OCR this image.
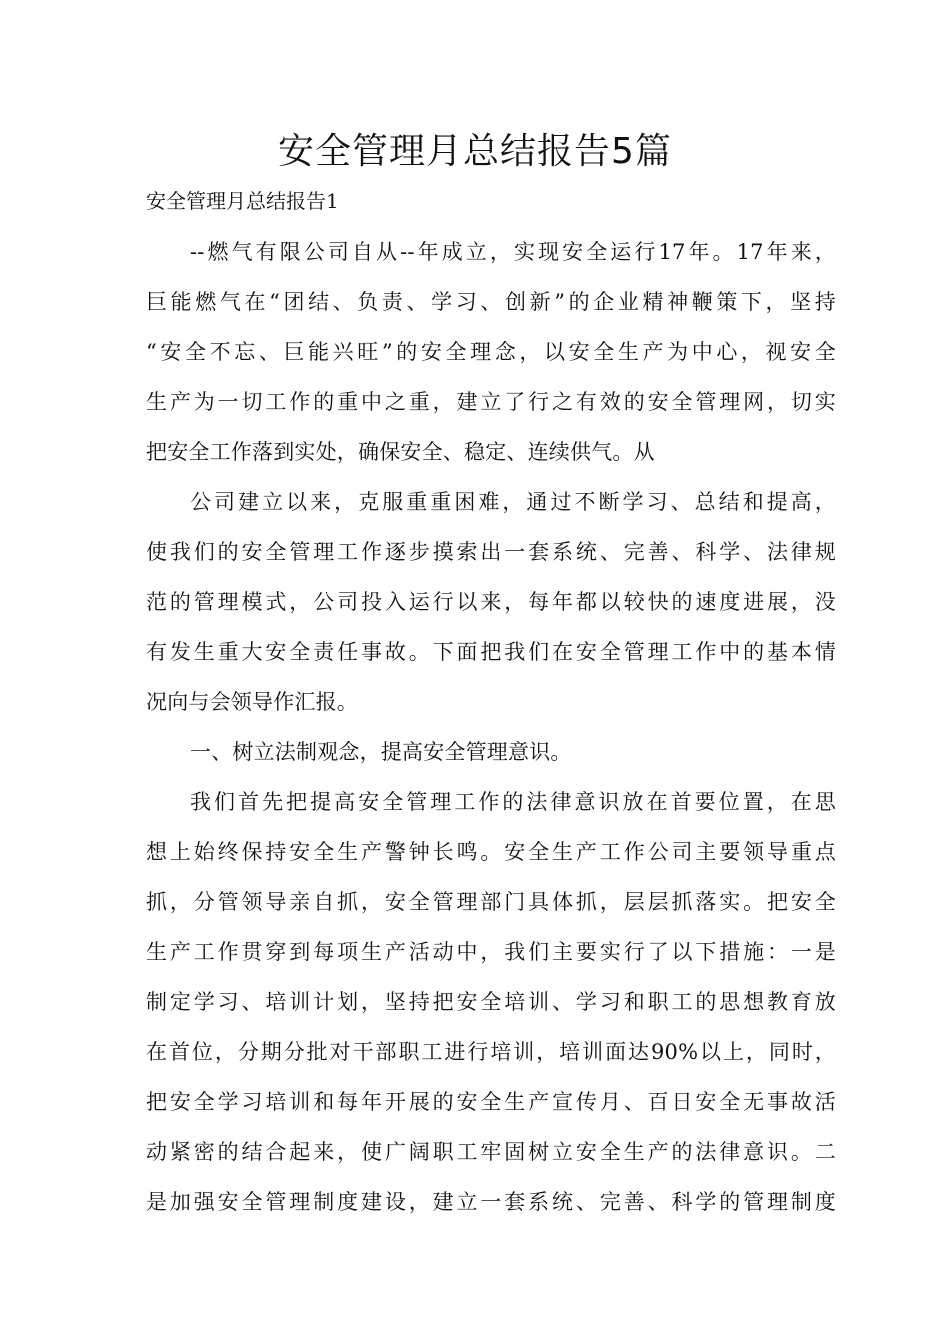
安全管理月总结报告5篇
安全管理月总结报告1
--燃气有限公司自从--年成立，实现安全运行17年。17年来，
巨能燃气在“团结、负责、学习、创新”的企业精神鞭策下，坚持
“安全不忘、巨能兴旺”的安全理念，以安全生产为中心，视安全
生产为一切工作的重中之重，建立了行之有效的安全管理网，切实
把安全工作落到实处，确保安全、稳定、连续供气。从
公司建立以来，克服重重困难，通过不断学习、总结和提高，
使我们的安全管理工作逐步摸索出一套系统、完善、科学、法律规
范的管理模式，公司投入运行以来，每年都以较快的速度进展，没
有发生重大安全责任事故。下面把我们在安全管理工作中的基本情
况向与会领导作汇报。
一、树立法制观念，提高安全管理意识。
我们首先把提高安全管理工作的法律意识放在首要位置，在思
想上始终保持安全生产警钟长鸣。安全生产工作公司主要领导重点
抓，分管领导亲自抓，安全管理部门具体抓，层层抓落实。把安全
生产工作贯穿到每项生产活动中，我们主要实行了以下措施：一是
制定学习、培训计划，坚持把安全培训、学习和职工的思想教育放
在首位，分期分批对干部职工进行培训，培训面达90%以上，同时，
把安全学习培训和每年开展的安全生产宣传月、百日安全无事故活
动紧密的结合起来，使广阔职工牢固树立安全生产的法律意识。二
是加强安全管理制度建设，建立一套系统、完善、科学的管理制度
